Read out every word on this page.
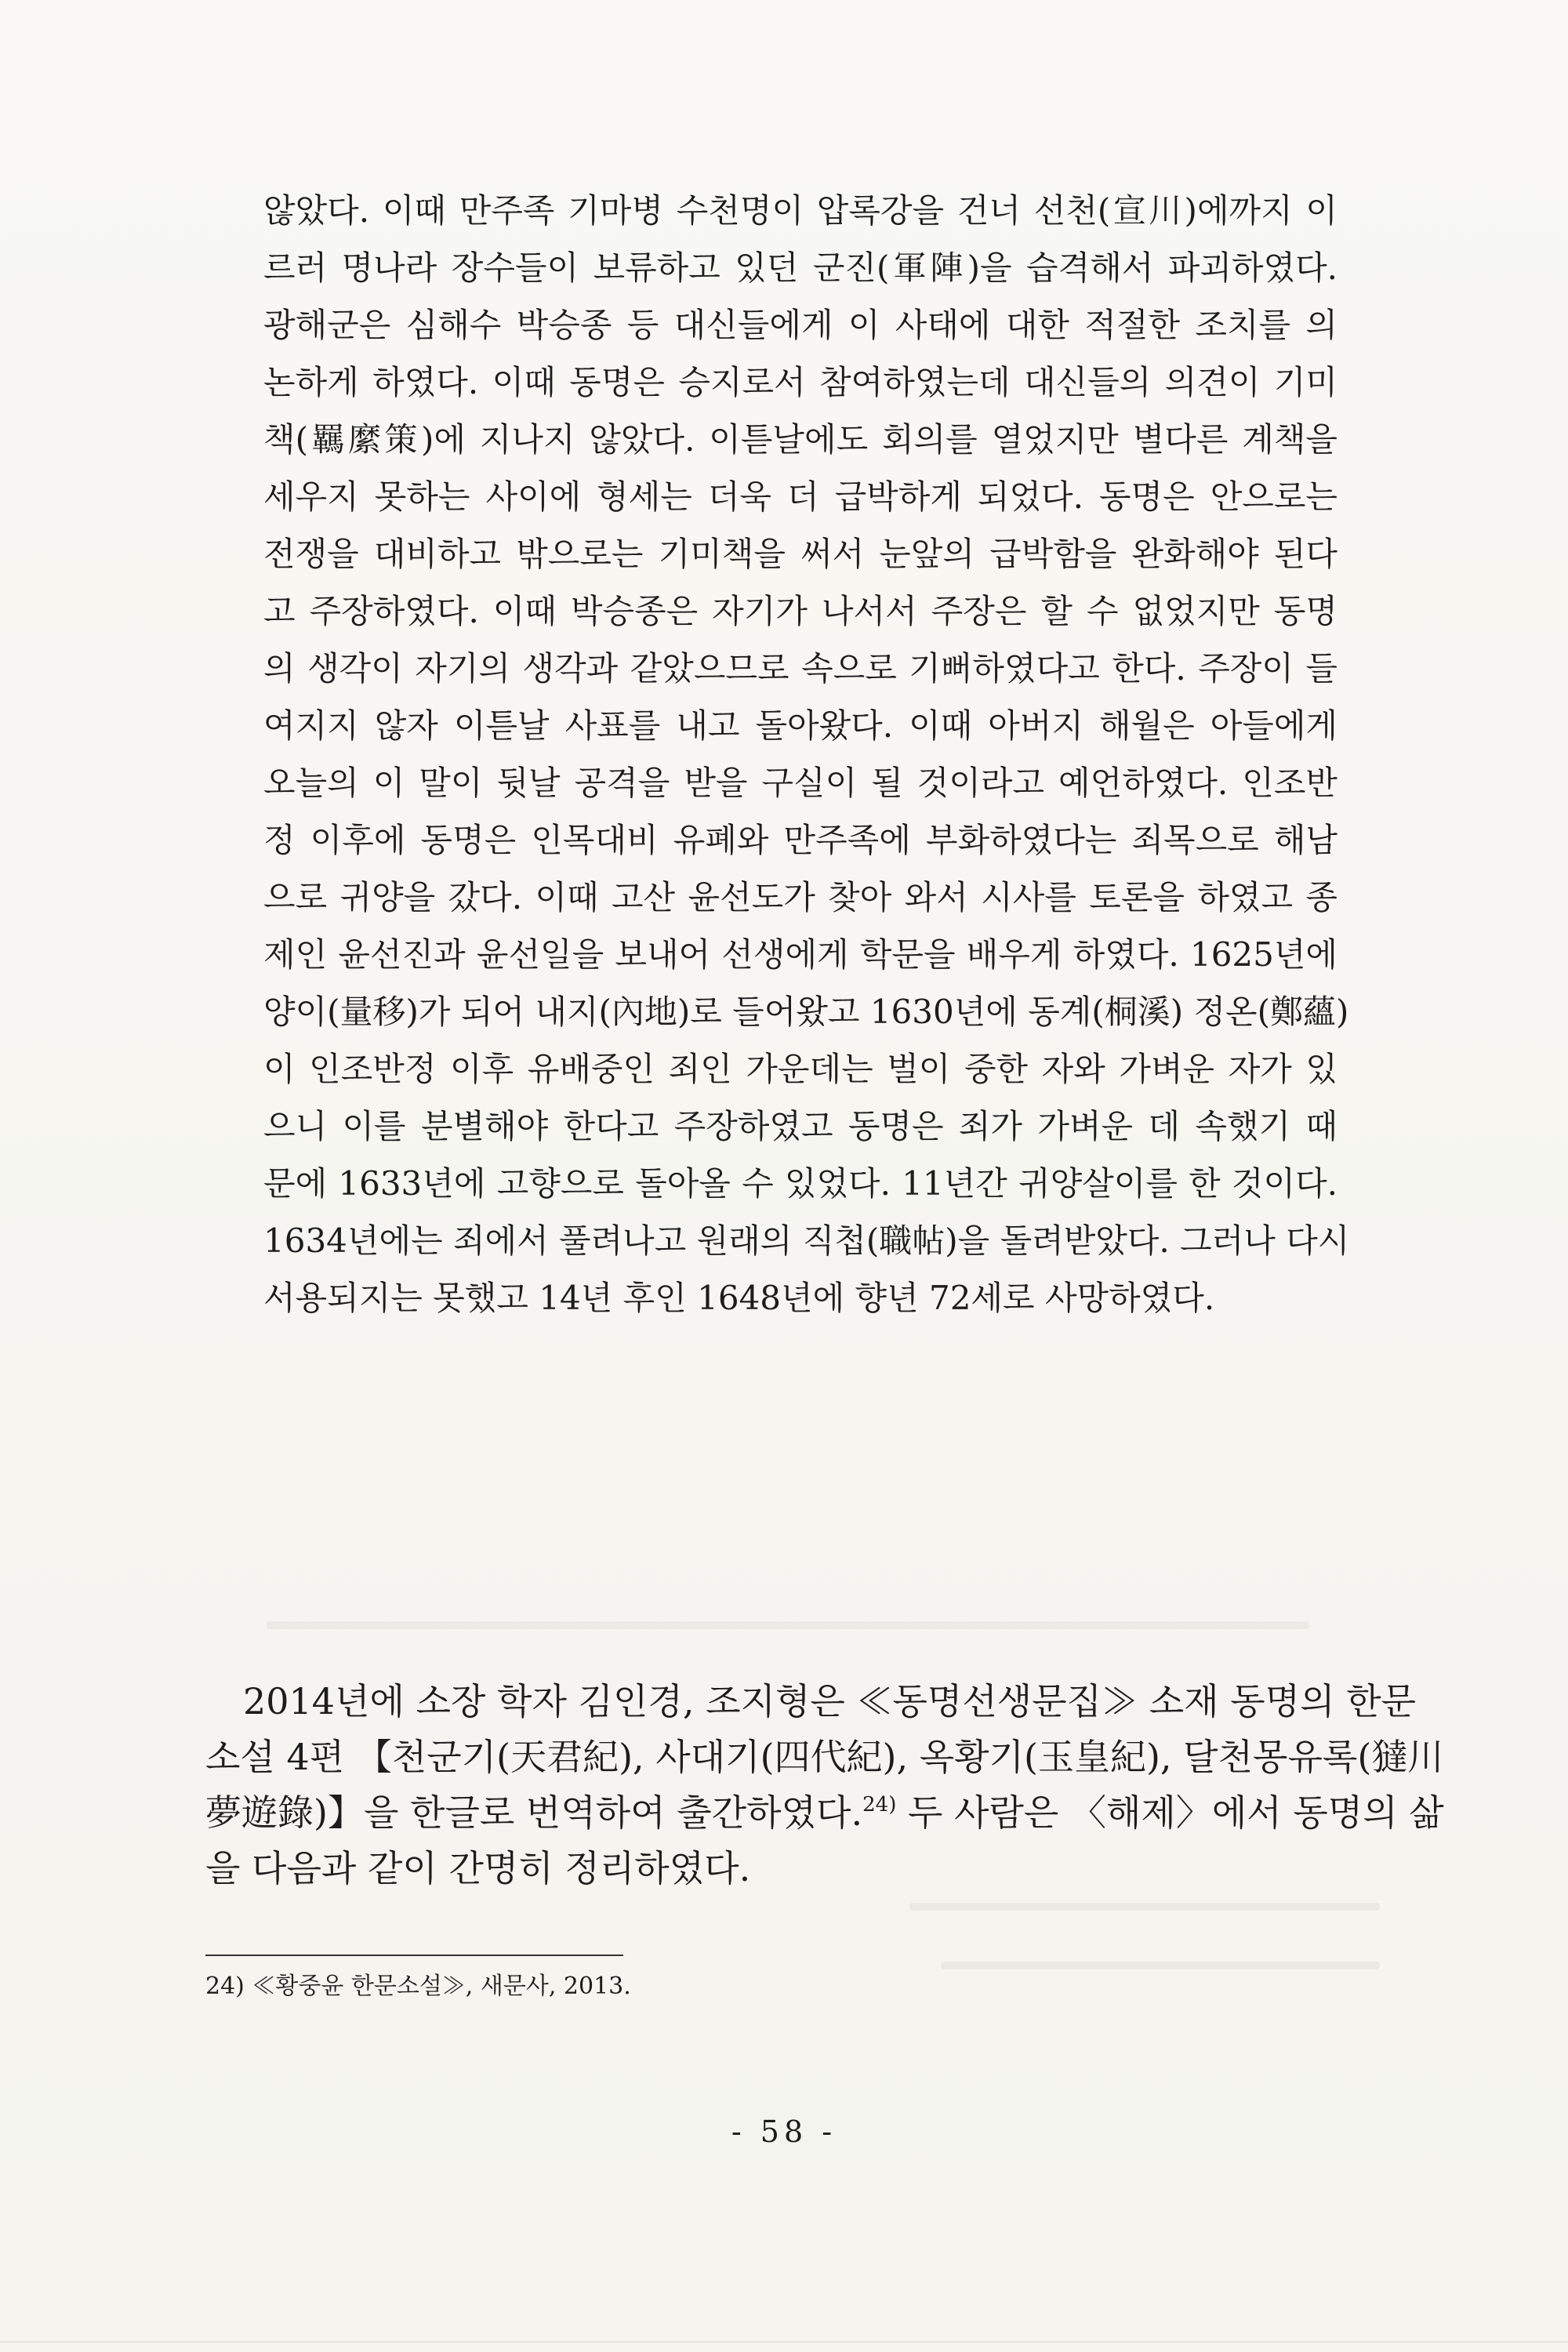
않았다. 이때 만주족 기마병 수천명이 압록강을 건너 선천(宣川)에까지 이
르러 명나라 장수들이 보류하고 있던 군진(軍陣)을 습격해서 파괴하였다.
광해군은 심해수 박승종 등 대신들에게 이 사태에 대한 적절한 조치를 의
논하게 하였다. 이때 동명은 승지로서 참여하였는데 대신들의 의견이 기미
책(羈縻策)에 지나지 않았다. 이튿날에도 회의를 열었지만 별다른 계책을
세우지 못하는 사이에 형세는 더욱 더 급박하게 되었다. 동명은 안으로는
전쟁을 대비하고 밖으로는 기미책을 써서 눈앞의 급박함을 완화해야 된다
고 주장하였다. 이때 박승종은 자기가 나서서 주장은 할 수 없었지만 동명
의 생각이 자기의 생각과 같았으므로 속으로 기뻐하였다고 한다. 주장이 들
여지지 않자 이튿날 사표를 내고 돌아왔다. 이때 아버지 해월은 아들에게
오늘의 이 말이 뒷날 공격을 받을 구실이 될 것이라고 예언하였다. 인조반
정 이후에 동명은 인목대비 유폐와 만주족에 부화하였다는 죄목으로 해남
으로 귀양을 갔다. 이때 고산 윤선도가 찾아 와서 시사를 토론을 하였고 종
제인 윤선진과 윤선일을 보내어 선생에게 학문을 배우게 하였다. 1625년에
양이(量移)가 되어 내지(內地)로 들어왔고 1630년에 동계(桐溪) 정온(鄭蘊)
이 인조반정 이후 유배중인 죄인 가운데는 벌이 중한 자와 가벼운 자가 있
으니 이를 분별해야 한다고 주장하였고 동명은 죄가 가벼운 데 속했기 때
문에 1633년에 고향으로 돌아올 수 있었다. 11년간 귀양살이를 한 것이다.
1634년에는 죄에서 풀려나고 원래의 직첩(職帖)을 돌려받았다. 그러나 다시
서용되지는 못했고 14년 후인 1648년에 향년 72세로 사망하였다.
2014년에 소장 학자 김인경, 조지형은 ≪동명선생문집≫ 소재 동명의 한문
소설 4편 【천군기(天君紀), 사대기(四代紀), 옥황기(玉皇紀), 달천몽유록(㺚川
夢遊錄)】을 한글로 번역하여 출간하였다.$^{24)}$ 두 사람은 〈해제〉에서 동명의 삶
을 다음과 같이 간명히 정리하였다.
24) ≪황중윤 한문소설≫, 새문사, 2013.
- 58 -
